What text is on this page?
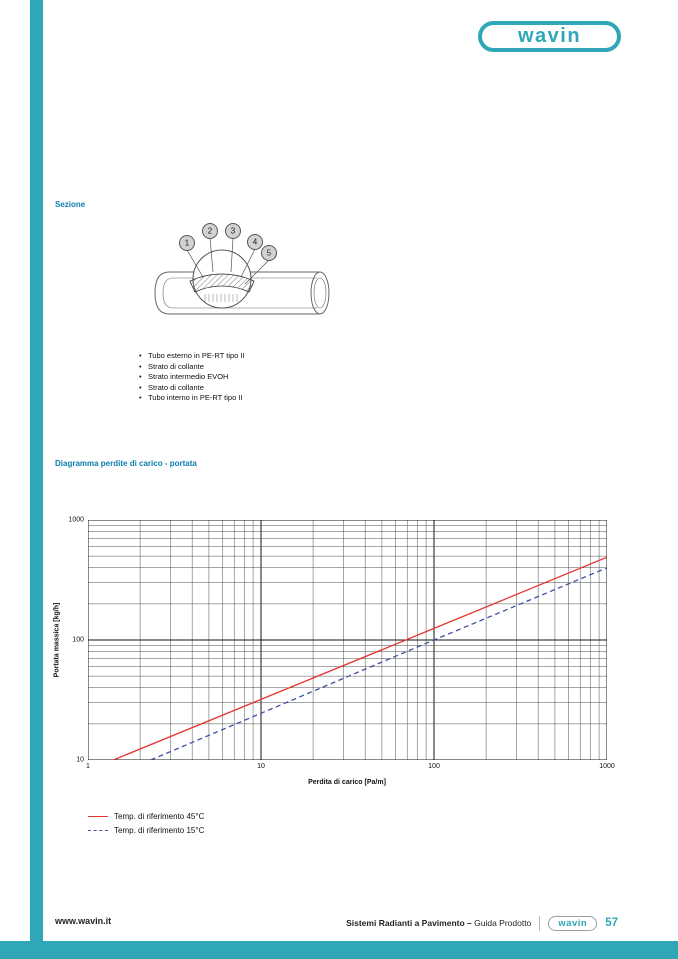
wavin
Sezione
1
2 3
4
5
• Tubo esterno in PE-RT tipo II
• Strato di collante
• Strato intermedio EVOH
• Strato di collante
• Tubo interno in PE-RT tipo II
Diagramma perdite di carico - portata
1	10	100	1000
10
100
1000
Portata massica [kg/h]
Perdita di carico [Pa/m]
Temp. di riferimento 45°C
Temp. di riferimento 15°C
www.wavin.it	Sistemi Radianti a Pavimento – Guida Prodotto	wavin 57
